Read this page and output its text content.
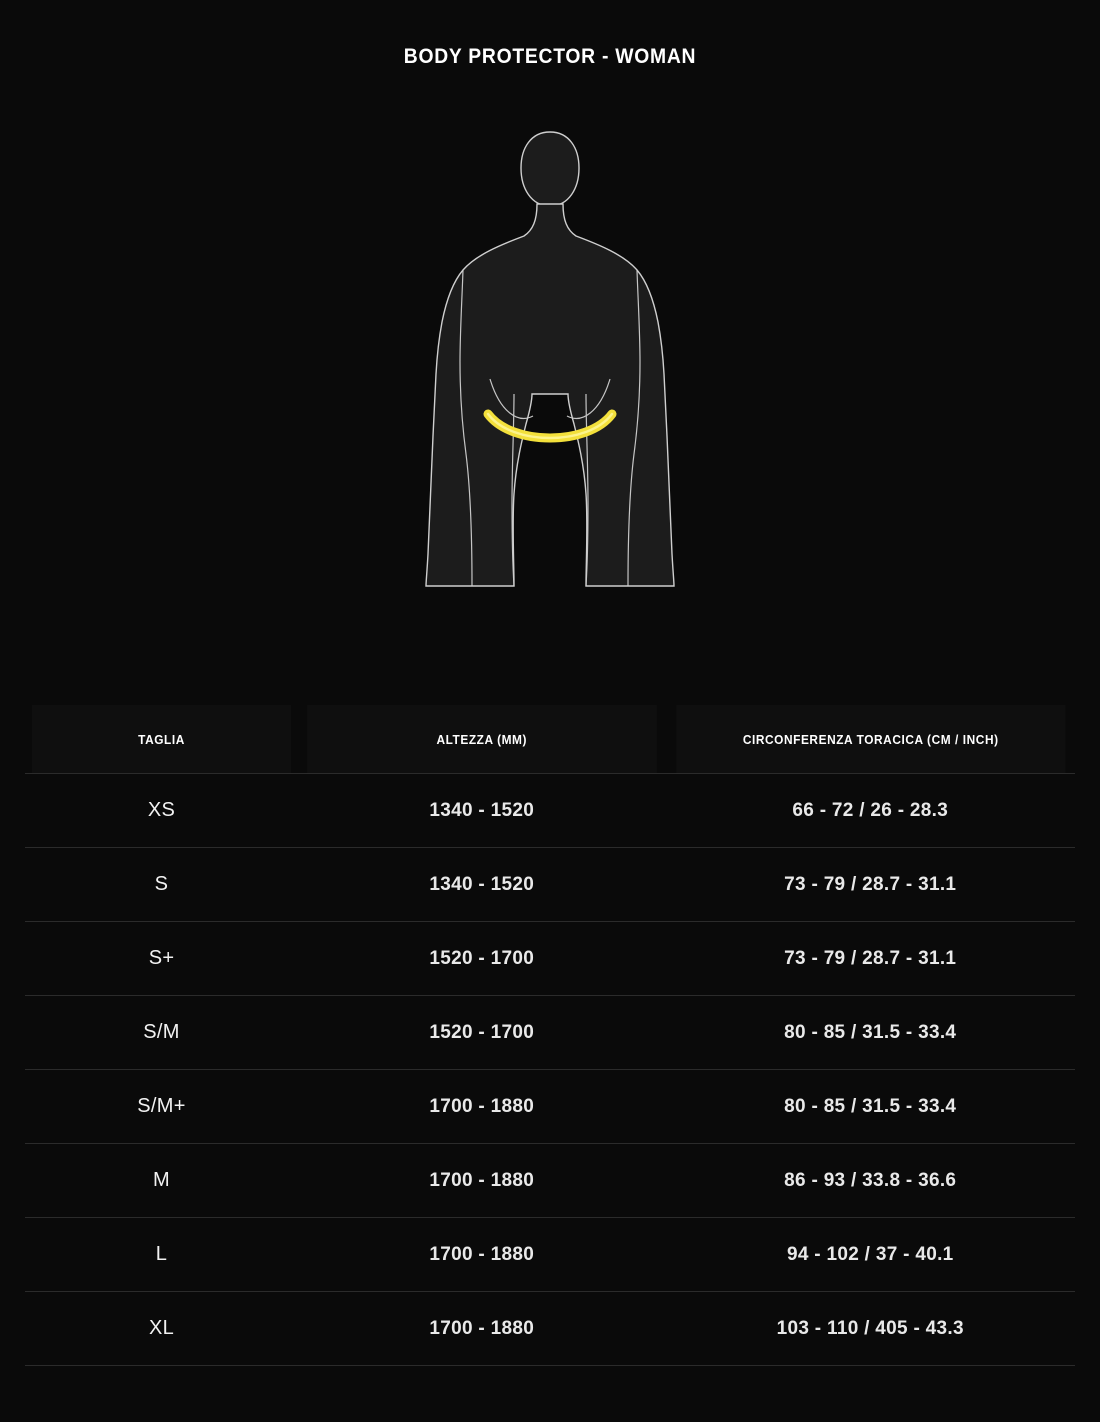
BODY PROTECTOR - WOMAN
TAGLIA	ALTEZZA (MM)	CIRCONFERENZA TORACICA (CM / INCH)
XS	1340 - 1520	66 - 72 / 26 - 28.3
S	1340 - 1520	73 - 79 / 28.7 - 31.1
S+	1520 - 1700	73 - 79 / 28.7 - 31.1
S/M	1520 - 1700	80 - 85 / 31.5 - 33.4
S/M+	1700 - 1880	80 - 85 / 31.5 - 33.4
M	1700 - 1880	86 - 93 / 33.8 - 36.6
L	1700 - 1880	94 - 102 / 37 - 40.1
XL	1700 - 1880	103 - 110 / 405 - 43.3
